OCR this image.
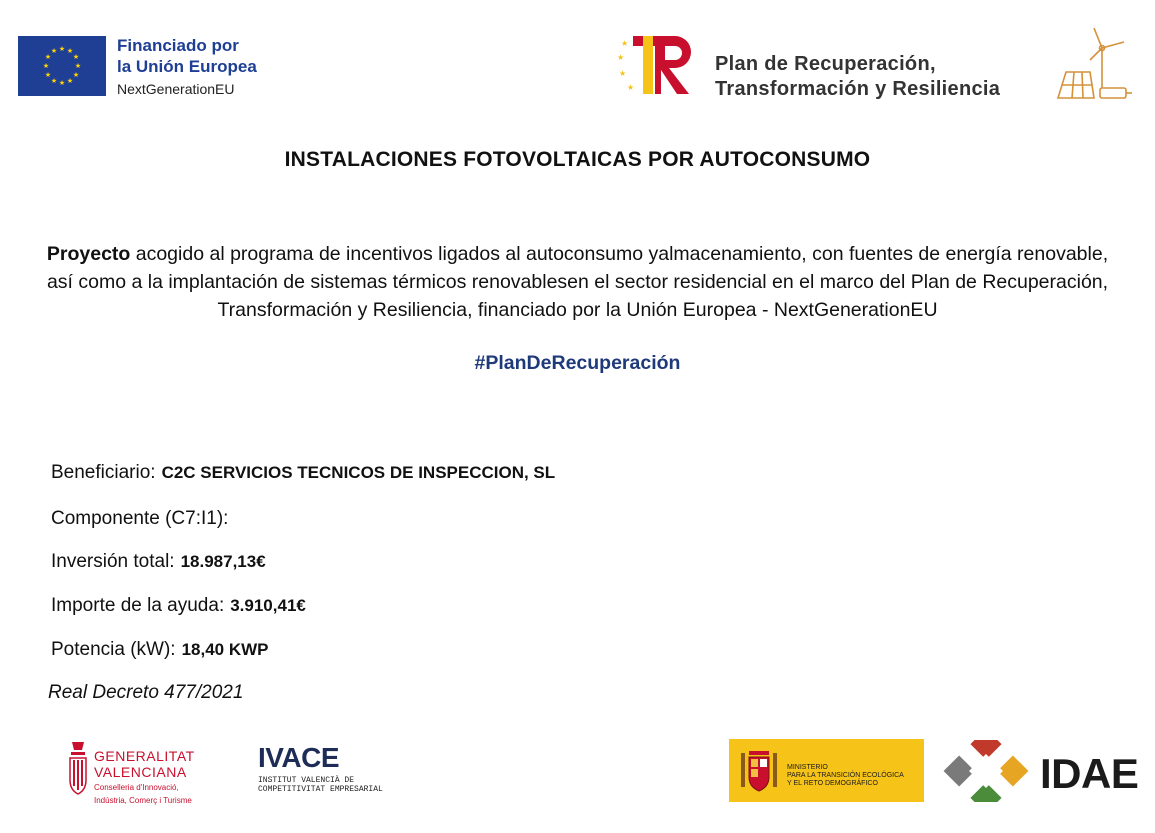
★ ★
★
★
★
★
★
★
★
★
★
★	Financiado por
la Unión Europea
NextGenerationEU
★
★
★
★
Plan de Recuperación,
Transformación y Resiliencia
INSTALACIONES FOTOVOLTAICAS POR AUTOCONSUMO
Proyecto acogido al programa de incentivos ligados al autoconsumo yalmacenamiento, con fuentes de energía renovable, así como a la implantación de sistemas térmicos renovablesen el sector residencial en el marco del Plan de Recuperación, Transformación y Resiliencia, financiado por la Unión Europea - NextGenerationEU
#PlanDeRecuperación
Beneficiario: C2C SERVICIOS TECNICOS DE INSPECCION, SL
Componente (C7:I1):
Inversión total: 18.987,13€
Importe de la ayuda: 3.910,41€
Potencia (kW): 18,40 KWP
Real Decreto 477/2021
GENERALITAT
VALENCIANA
Conselleria d'Innovació,
Indústria, Comerç i Turisme
IVACE
INSTITUT VALENCIÀ DE
COMPETITIVITAT EMPRESARIAL
MINISTERIO
PARA LA TRANSICIÓN ECOLÓGICA
Y EL RETO DEMOGRÁFICO	IDAE
